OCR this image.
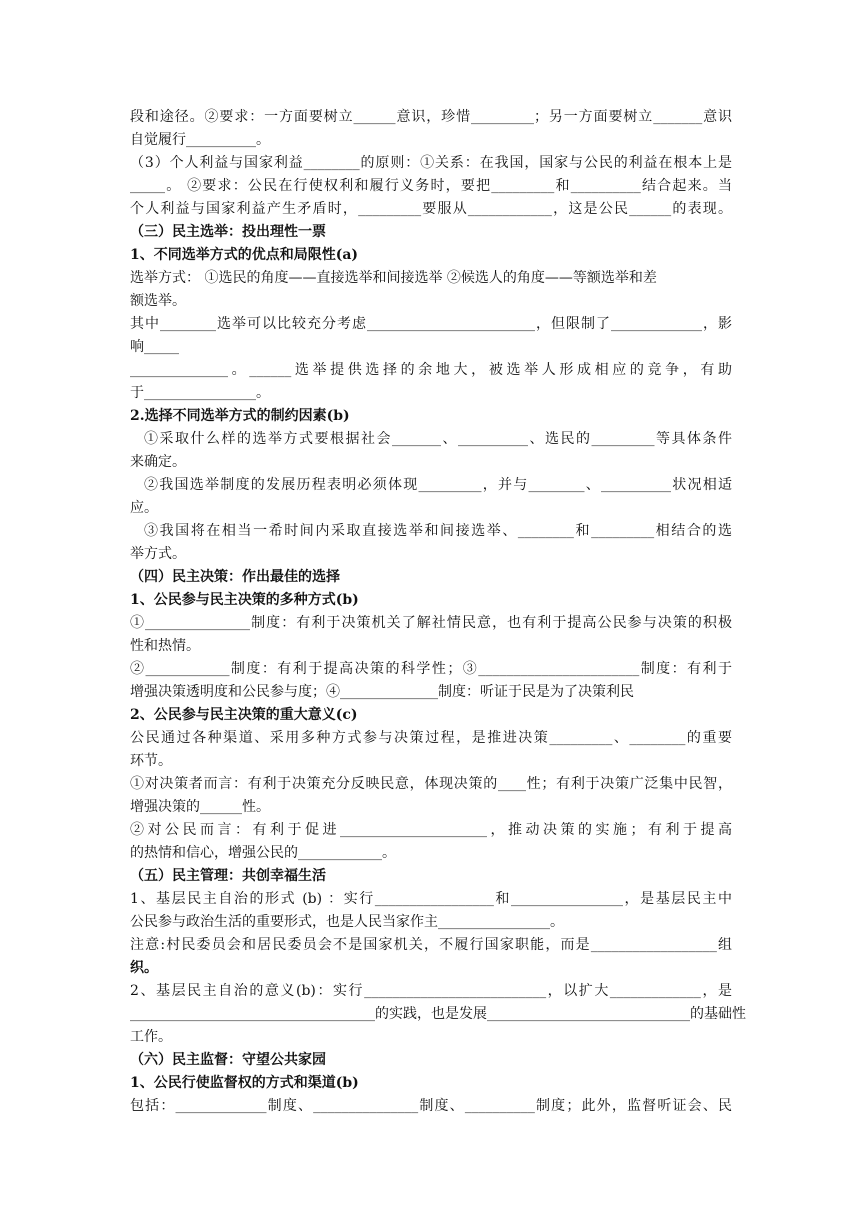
段和途径。②要求：一方面要树立______意识，珍惜_________；另一方面要树立_______意识
自觉履行__________。
（3）个人利益与国家利益________的原则：①关系：在我国，国家与公民的利益在根本上是
_____。 ②要求：公民在行使权利和履行义务时，要把_________和__________结合起来。当
个人利益与国家利益产生矛盾时，_________要服从____________，这是公民______的表现。
（三）民主选举：投出理性一票
1、不同选举方式的优点和局限性(a)
选举方式： ①选民的角度——直接选举和间接选举 ②候选人的角度——等额选举和差
额选举。
其中________选举可以比较充分考虑________________________，但限制了_____________，影
响_____
______________。______选举提供选择的余地大，被选举人形成相应的竞争，有助
于________________。
2.选择不同选举方式的制约因素(b)
①采取什么样的选举方式要根据社会_______、__________、选民的_________等具体条件
来确定。
②我国选举制度的发展历程表明必须体现_________，并与________、__________状况相适
应。
③我国将在相当一希时间内采取直接选举和间接选举、________和_________相结合的选
举方式。
（四）民主决策：作出最佳的选择
1、公民参与民主决策的多种方式(b)
①_______________制度：有利于决策机关了解社情民意，也有利于提高公民参与决策的积极
性和热情。
②____________制度：有利于提高决策的科学性；③_______________________制度：有利于
增强决策透明度和公民参与度；④______________制度：听证于民是为了决策利民
2、公民参与民主决策的重大意义(c)
公民通过各种渠道、采用多种方式参与决策过程，是推进决策_________、________的重要
环节。
①对决策者而言：有利于决策充分反映民意，体现决策的____性；有利于决策广泛集中民智，
增强决策的______性。
②对公民而言：有利于促进_____________________，推动决策的实施；有利于提高
的热情和信心，增强公民的____________。
（五）民主管理：共创幸福生活
1、基层民主自治的形式 (b) ：实行_________________和________________，是基层民主中
公民参与政治生活的重要形式，也是人民当家作主________________。
注意:村民委员会和居民委员会不是国家机关，不履行国家职能，而是__________________组
织。
2、基层民主自治的意义(b)：实行__________________________，以扩大_____________，是
___________________________________的实践，也是发展_____________________________的基础性
工作。
（六）民主监督：守望公共家园
1、公民行使监督权的方式和渠道(b)
包括：_____________制度、_______________制度、__________制度；此外，监督听证会、民
